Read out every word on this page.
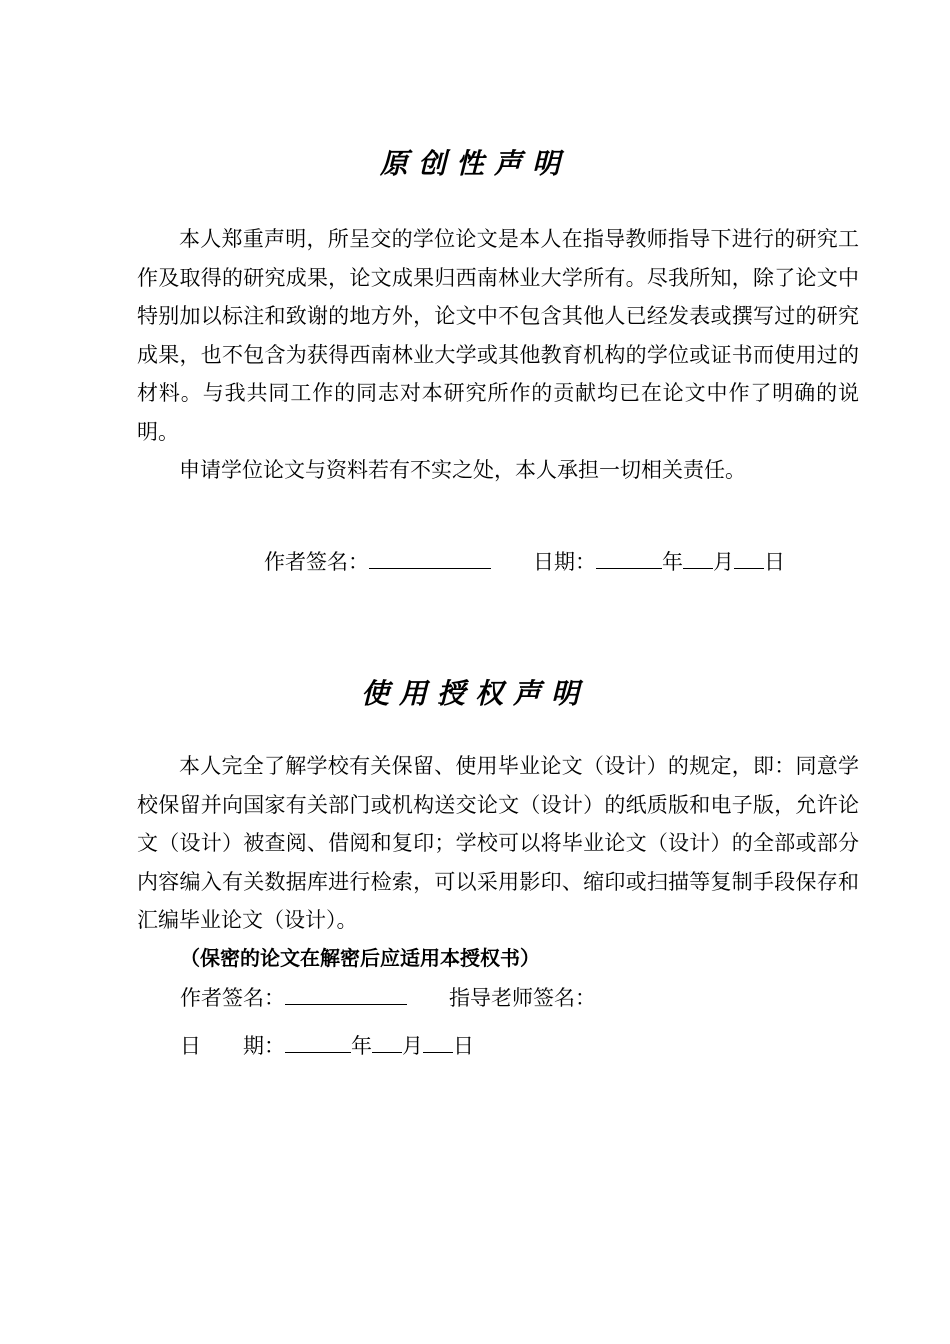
原创性声明

本人郑重声明，所呈交的学位论文是本人在指导教师指导下进行的研究工作及取得的研究成果，论文成果归西南林业大学所有。尽我所知，除了论文中特别加以标注和致谢的地方外，论文中不包含其他人已经发表或撰写过的研究成果，也不包含为获得西南林业大学或其他教育机构的学位或证书而使用过的材料。与我共同工作的同志对本研究所作的贡献均已在论文中作了明确的说明。

申请学位论文与资料若有不实之处，本人承担一切相关责任。

作者签名：	日期：	年 月 日
使用授权声明

本人完全了解学校有关保留、使用毕业论文（设计）的规定，即：同意学校保留并向国家有关部门或机构送交论文（设计）的纸质版和电子版，允许论文（设计）被查阅、借阅和复印；学校可以将毕业论文（设计）的全部或部分内容编入有关数据库进行检索，可以采用影印、缩印或扫描等复制手段保存和汇编毕业论文（设计）。

（保密的论文在解密后应适用本授权书）
作者签名：	指导老师签名：
日　　期：	年 月 日
